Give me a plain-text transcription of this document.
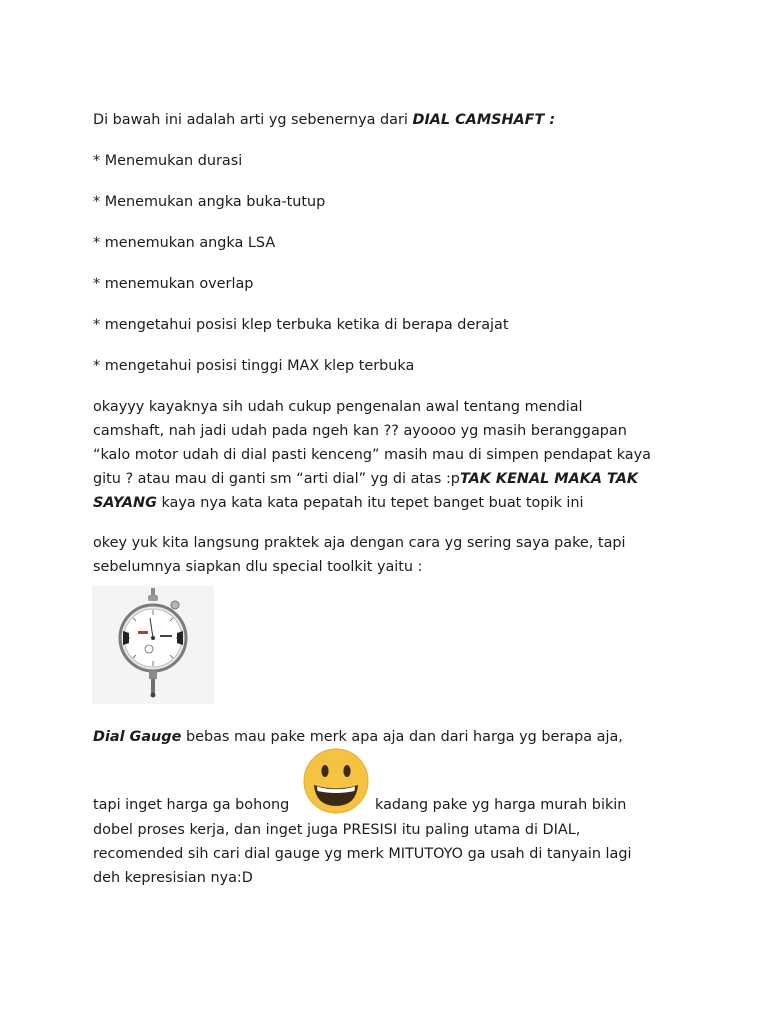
Di bawah ini adalah arti yg sebenernya dari DIAL CAMSHAFT :

* Menemukan durasi

* Menemukan angka buka-tutup

* menemukan angka LSA

* menemukan overlap

* mengetahui posisi klep terbuka ketika di berapa derajat

* mengetahui posisi tinggi MAX klep terbuka

okayyy kayaknya sih udah cukup pengenalan awal tentang mendial

camshaft, nah jadi udah pada ngeh kan ?? ayoooo yg masih beranggapan

“kalo motor udah di dial pasti kenceng” masih mau di simpen pendapat kaya

gitu ? atau mau di ganti sm “arti dial” yg di atas :pTAK KENAL MAKA TAK

SAYANG kaya nya kata kata pepatah itu tepet banget buat topik ini

okey yuk kita langsung praktek aja dengan cara yg sering saya pake, tapi

sebelumnya siapkan dlu special toolkit yaitu :

Dial Gauge bebas mau pake merk apa aja dan dari harga yg berapa aja,

tapi inget harga ga bohong	kadang pake yg harga murah bikin

dobel proses kerja, dan inget juga PRESISI itu paling utama di DIAL,

recomended sih cari dial gauge yg merk MITUTOYO ga usah di tanyain lagi

deh kepresisian nya:D
